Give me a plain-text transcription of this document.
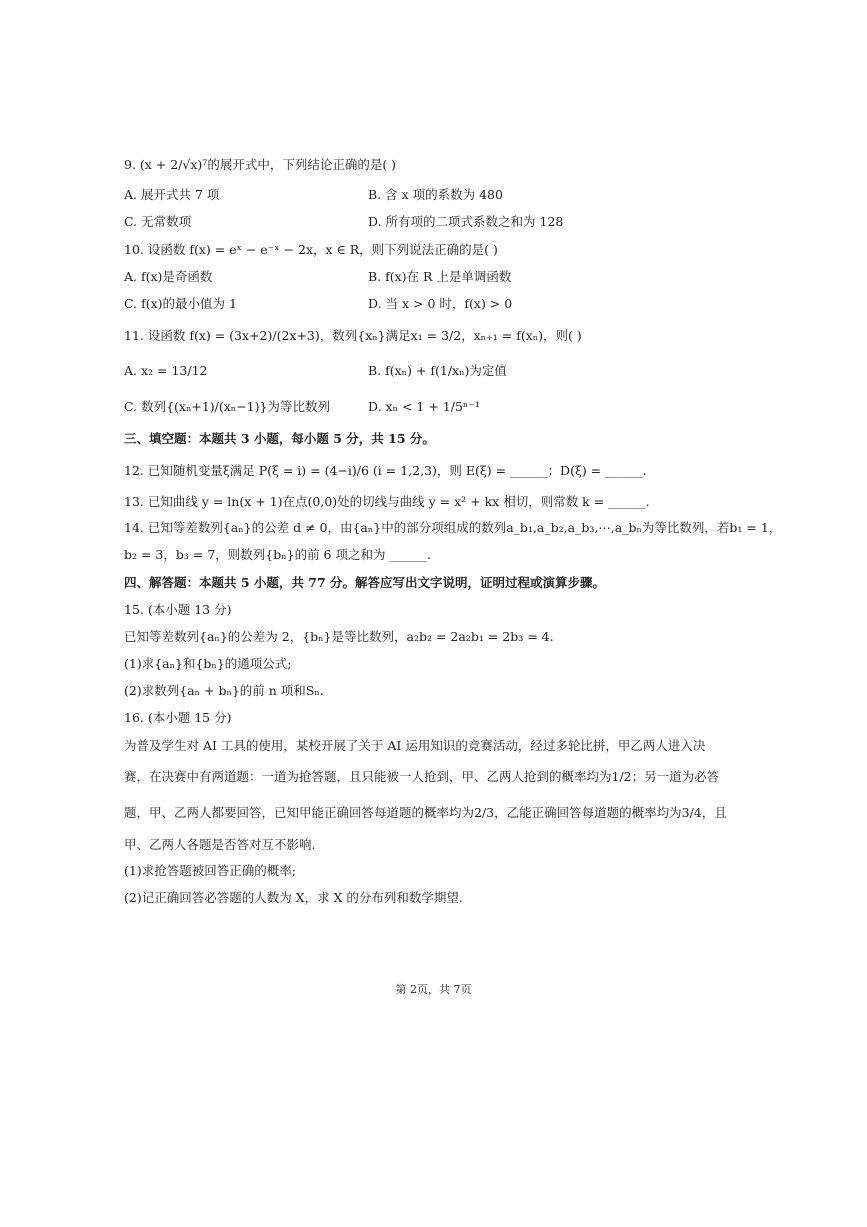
9. (x + 2/√x)⁷的展开式中，下列结论正确的是( )
A. 展开式共 7 项	B. 含 x 项的系数为 480
C. 无常数项	D. 所有项的二项式系数之和为 128
10. 设函数 f(x) = eˣ − e⁻ˣ − 2x，x ∈ R，则下列说法正确的是( )
A. f(x)是奇函数	B. f(x)在 R 上是单调函数
C. f(x)的最小值为 1	D. 当 x > 0 时，f(x) > 0
11. 设函数 f(x) = (3x+2)/(2x+3)，数列{xₙ}满足x₁ = 3/2，xₙ₊₁ = f(xₙ)，则( )
A. x₂ = 13/12	B. f(xₙ) + f(1/xₙ)为定值
C. 数列{(xₙ+1)/(xₙ−1)}为等比数列	D. xₙ < 1 + 1/5ⁿ⁻¹
三、填空题：本题共 3 小题，每小题 5 分，共 15 分。
12. 已知随机变量ξ满足 P(ξ = i) = (4−i)/6 (i = 1,2,3)，则 E(ξ) = ______；D(ξ) = ______.
13. 已知曲线 y = ln(x + 1)在点(0,0)处的切线与曲线 y = x² + kx 相切，则常数 k = ______.
14. 已知等差数列{aₙ}的公差 d ≠ 0，由{aₙ}中的部分项组成的数列a_b₁,a_b₂,a_b₃,⋯,a_bₙ为等比数列，若b₁ = 1，
b₂ = 3，b₃ = 7，则数列{bₙ}的前 6 项之和为 ______.
四、解答题：本题共 5 小题，共 77 分。解答应写出文字说明，证明过程或演算步骤。
15. (本小题 13 分)
已知等差数列{aₙ}的公差为 2，{bₙ}是等比数列，a₂b₂ = 2a₂b₁ = 2b₃ = 4.
(1)求{aₙ}和{bₙ}的通项公式;
(2)求数列{aₙ + bₙ}的前 n 项和Sₙ.
16. (本小题 15 分)
为普及学生对 AI 工具的使用，某校开展了关于 AI 运用知识的竞赛活动，经过多轮比拼，甲乙两人进入决
赛，在决赛中有两道题：一道为抢答题，且只能被一人抢到，甲、乙两人抢到的概率均为1/2；另一道为必答
题，甲、乙两人都要回答，已知甲能正确回答每道题的概率均为2/3，乙能正确回答每道题的概率均为3/4，且
甲、乙两人各题是否答对互不影响.
(1)求抢答题被回答正确的概率;
(2)记正确回答必答题的人数为 X，求 X 的分布列和数学期望.
第 2页，共 7页
